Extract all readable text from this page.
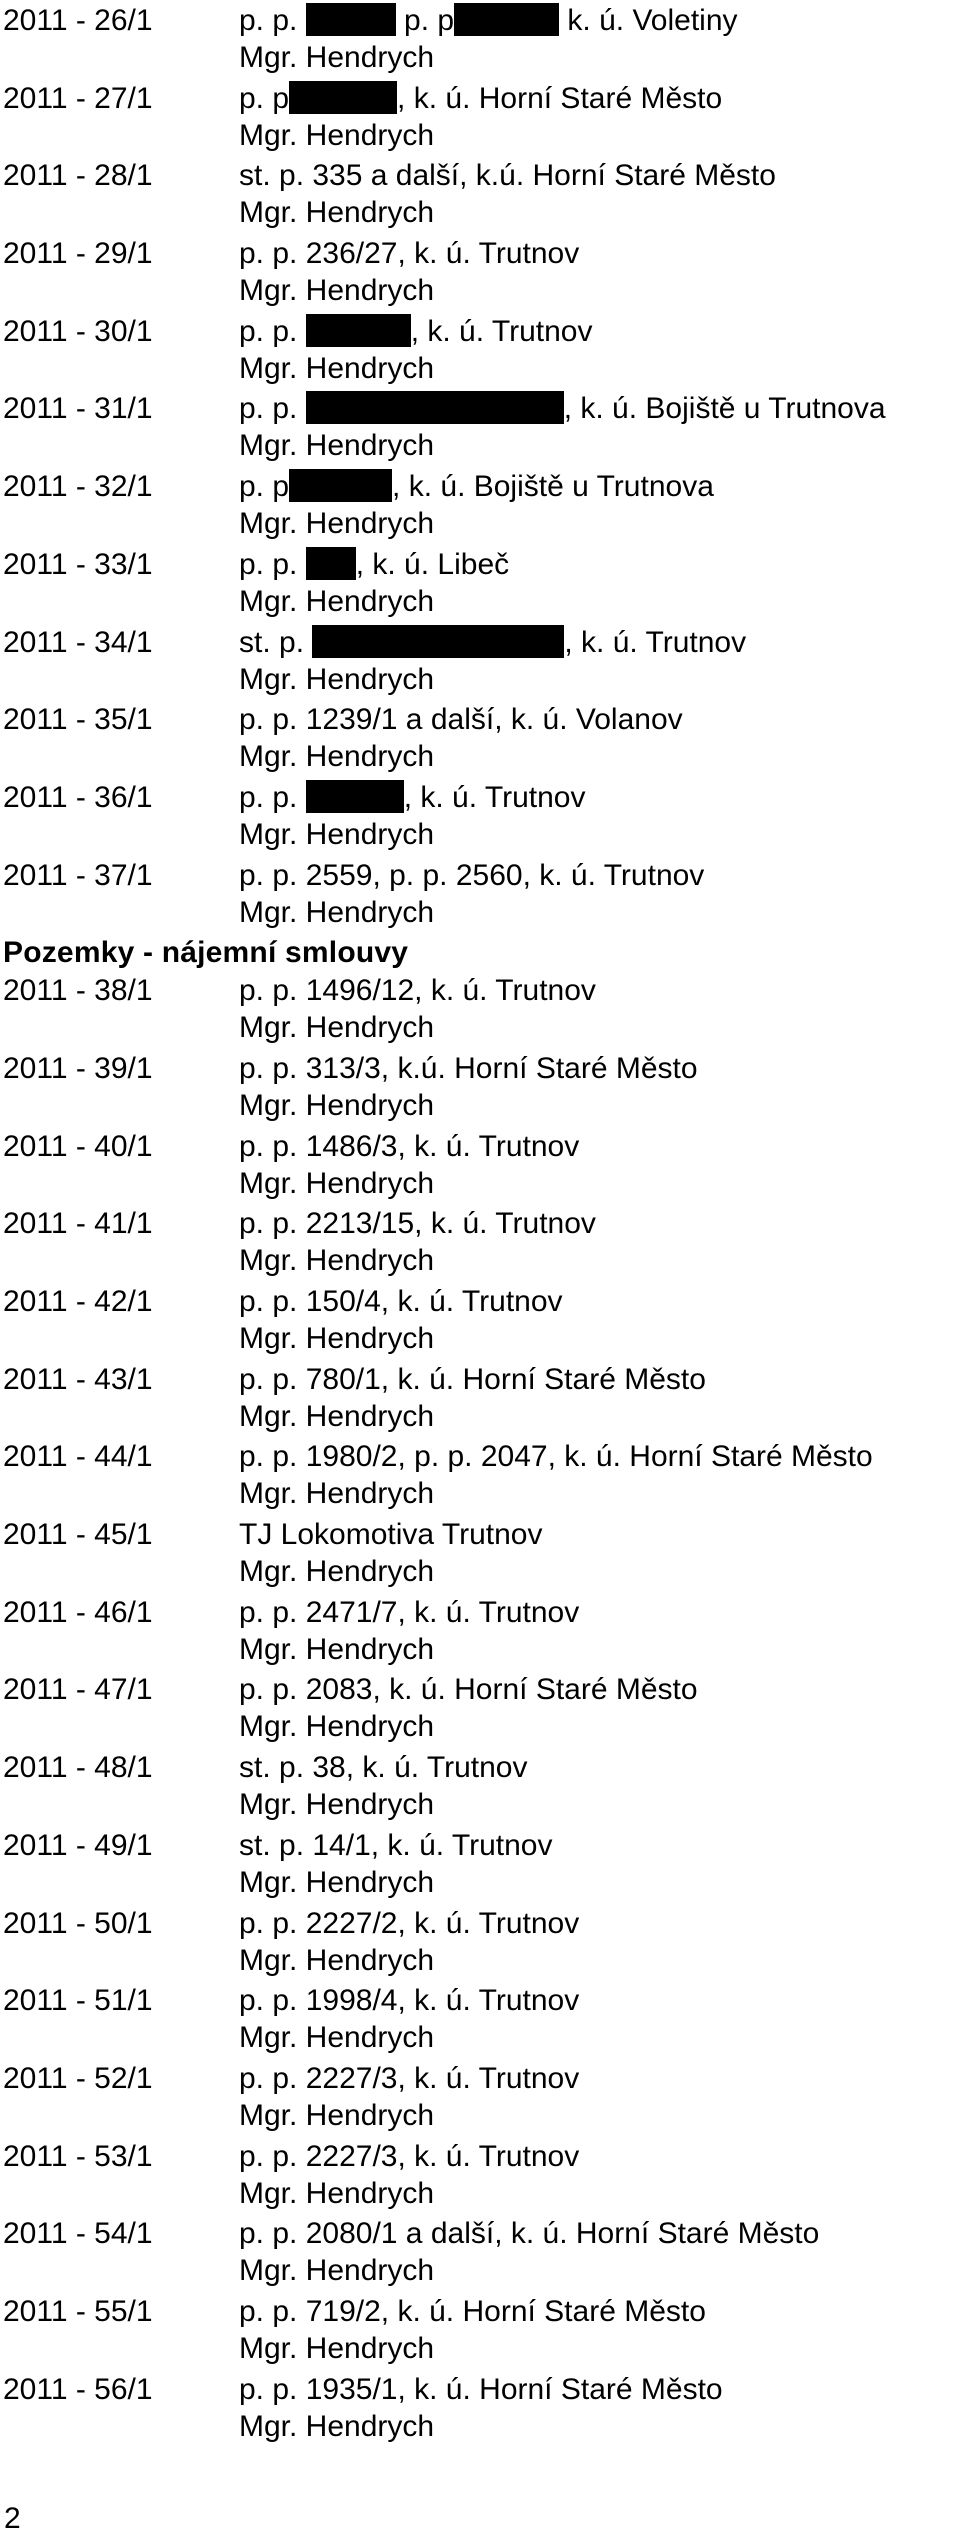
2011 - 26/1	p. p.	p. p	k. ú. Voletiny
Mgr. Hendrych
2011 - 27/1	p. p	, k. ú. Horní Staré Město
Mgr. Hendrych
2011 - 28/1	st. p. 335 a další, k.ú. Horní Staré Město
Mgr. Hendrych
2011 - 29/1	p. p. 236/27, k. ú. Trutnov
Mgr. Hendrych
2011 - 30/1	p. p.	, k. ú. Trutnov
Mgr. Hendrych
2011 - 31/1	p. p.	, k. ú. Bojiště u Trutnova
Mgr. Hendrych
2011 - 32/1	p. p	, k. ú. Bojiště u Trutnova
Mgr. Hendrych
2011 - 33/1	p. p. , k. ú. Libeč
Mgr. Hendrych
2011 - 34/1	st. p.	, k. ú. Trutnov
Mgr. Hendrych
2011 - 35/1	p. p. 1239/1 a další, k. ú. Volanov
Mgr. Hendrych
2011 - 36/1	p. p.	, k. ú. Trutnov
Mgr. Hendrych
2011 - 37/1	p. p. 2559, p. p. 2560, k. ú. Trutnov
Mgr. Hendrych
Pozemky - nájemní smlouvy
2011 - 38/1	p. p. 1496/12, k. ú. Trutnov
Mgr. Hendrych
2011 - 39/1	p. p. 313/3, k.ú. Horní Staré Město
Mgr. Hendrych
2011 - 40/1	p. p. 1486/3, k. ú. Trutnov
Mgr. Hendrych
2011 - 41/1	p. p. 2213/15, k. ú. Trutnov
Mgr. Hendrych
2011 - 42/1	p. p. 150/4, k. ú. Trutnov
Mgr. Hendrych
2011 - 43/1	p. p. 780/1, k. ú. Horní Staré Město
Mgr. Hendrych
2011 - 44/1	p. p. 1980/2, p. p. 2047, k. ú. Horní Staré Město
Mgr. Hendrych
2011 - 45/1	TJ Lokomotiva Trutnov
Mgr. Hendrych
2011 - 46/1	p. p. 2471/7, k. ú. Trutnov
Mgr. Hendrych
2011 - 47/1	p. p. 2083, k. ú. Horní Staré Město
Mgr. Hendrych
2011 - 48/1	st. p. 38, k. ú. Trutnov
Mgr. Hendrych
2011 - 49/1	st. p. 14/1, k. ú. Trutnov
Mgr. Hendrych
2011 - 50/1	p. p. 2227/2, k. ú. Trutnov
Mgr. Hendrych
2011 - 51/1	p. p. 1998/4, k. ú. Trutnov
Mgr. Hendrych
2011 - 52/1	p. p. 2227/3, k. ú. Trutnov
Mgr. Hendrych
2011 - 53/1	p. p. 2227/3, k. ú. Trutnov
Mgr. Hendrych
2011 - 54/1	p. p. 2080/1 a další, k. ú. Horní Staré Město
Mgr. Hendrych
2011 - 55/1	p. p. 719/2, k. ú. Horní Staré Město
Mgr. Hendrych
2011 - 56/1	p. p. 1935/1, k. ú. Horní Staré Město
Mgr. Hendrych
2
